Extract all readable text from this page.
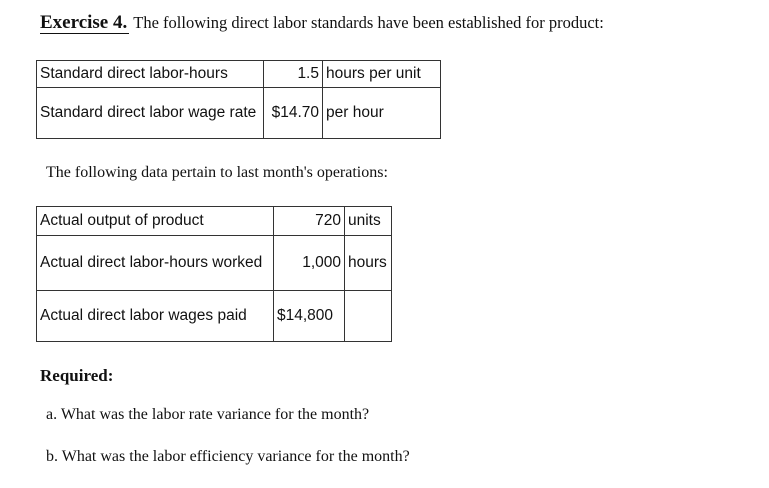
Exercise 4. The following direct labor standards have been established for product:
Standard direct labor-hours	1.5	hours per unit
Standard direct labor wage rate	$14.70	per hour
The following data pertain to last month's operations:
Actual output of product	720	units
Actual direct labor-hours worked	1,000	hours
Actual direct labor wages paid	$14,800	
Required:
a. What was the labor rate variance for the month?
b. What was the labor efficiency variance for the month?
